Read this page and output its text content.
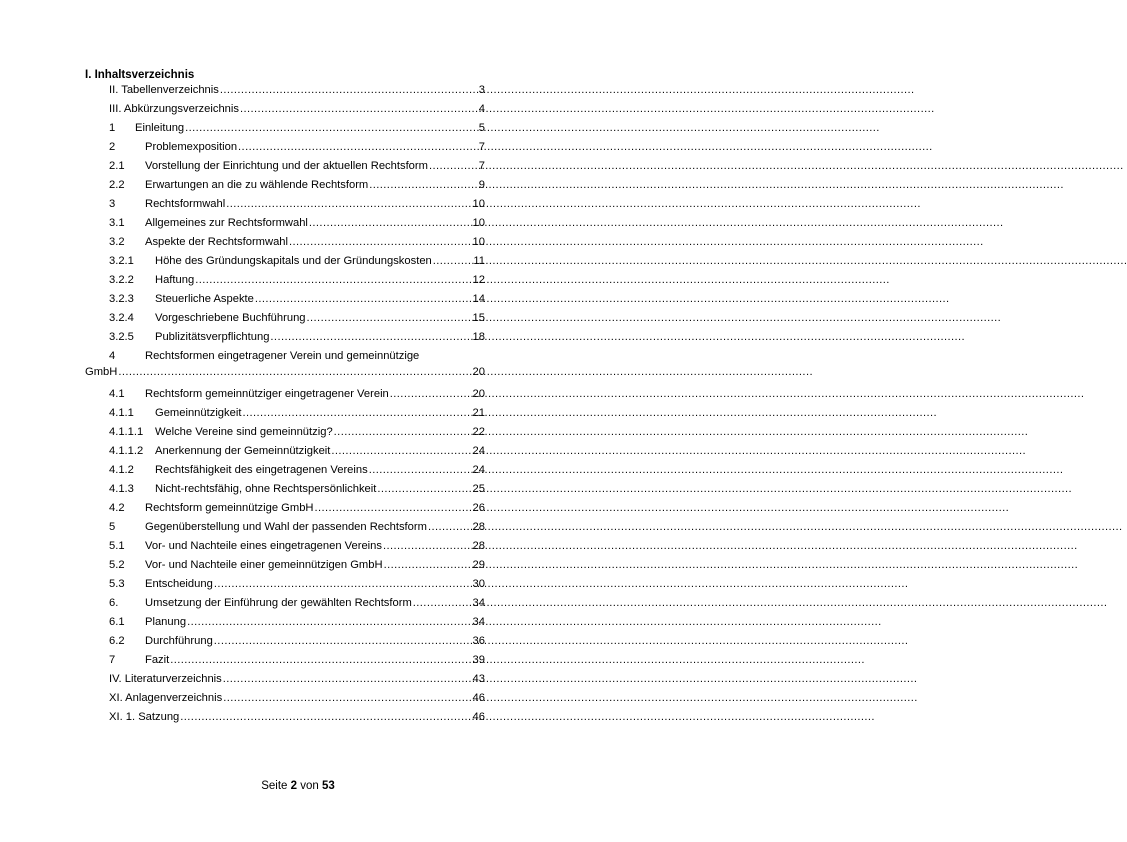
I. Inhaltsverzeichnis
II. Tabellenverzeichnis .....	3
III. Abkürzungsverzeichnis .....	4
1	Einleitung .....	5
2	Problemexposition .....	7
2.1	Vorstellung der Einrichtung und der aktuellen Rechtsform .....	7
2.2	Erwartungen an die zu wählende Rechtsform .....	9
3	Rechtsformwahl .....	10
3.1	Allgemeines zur Rechtsformwahl .....	10
3.2	Aspekte der Rechtsformwahl .....	10
3.2.1	Höhe des Gründungskapitals und der Gründungskosten .....	11
3.2.2	Haftung .....	12
3.2.3	Steuerliche Aspekte .....	14
3.2.4	Vorgeschriebene Buchführung .....	15
3.2.5	Publizitätsverpflichtung .....	18
4	Rechtsformen eingetragener Verein und gemeinnützige
GmbH .....	20
4.1	Rechtsform gemeinnütziger eingetragener Verein .....	20
4.1.1	Gemeinnützigkeit .....	21
4.1.1.1	Welche Vereine sind gemeinnützig? .....	22
4.1.1.2	Anerkennung der Gemeinnützigkeit .....	24
4.1.2	Rechtsfähigkeit des eingetragenen Vereins .....	24
4.1.3	Nicht-rechtsfähig, ohne Rechtspersönlichkeit .....	25
4.2	Rechtsform gemeinnützige GmbH .....	26
5	Gegenüberstellung und Wahl der passenden Rechtsform .....	28
5.1	Vor- und Nachteile eines eingetragenen Vereins .....	28
5.2	Vor- und Nachteile einer gemeinnützigen GmbH .....	29
5.3	Entscheidung .....	30
6.	Umsetzung der Einführung der gewählten Rechtsform .....	34
6.1	Planung .....	34
6.2	Durchführung .....	36
7	Fazit .....	39
IV. Literaturverzeichnis .....	43
XI. Anlagenverzeichnis .....	46
XI. 1. Satzung .....	46
Seite 2 von 53
